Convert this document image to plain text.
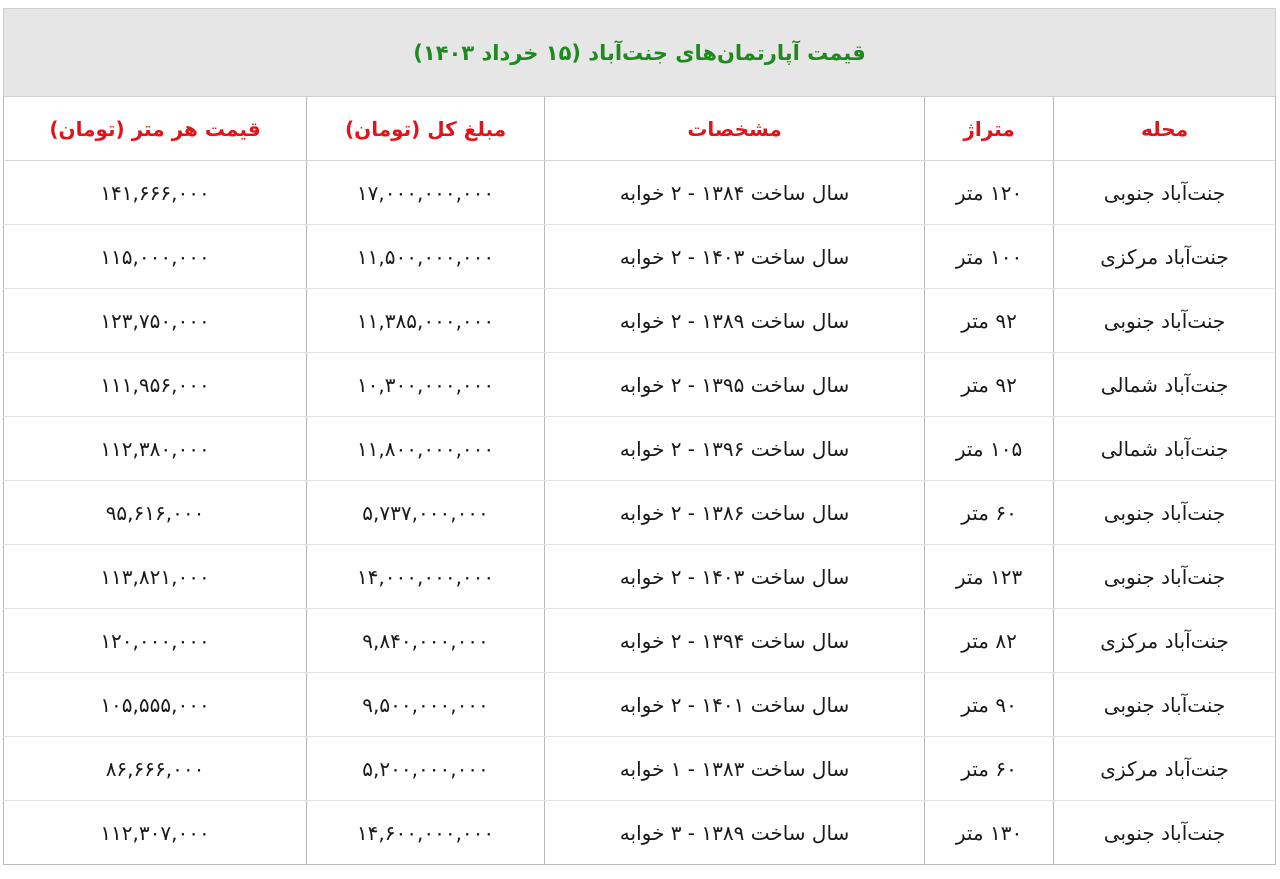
قیمت آپارتمان‌های جنت‌آباد (۱۵ خرداد ۱۴۰۳)				
محله	متراژ	مشخصات	مبلغ کل (تومان)	قیمت هر متر (تومان)
جنت‌آباد جنوبی	۱۲۰ متر	سال ساخت ۱۳۸۴ - ۲ خوابه	۱۷,۰۰۰,۰۰۰,۰۰۰	۱۴۱,۶۶۶,۰۰۰
جنت‌آباد مرکزی	۱۰۰ متر	سال ساخت ۱۴۰۳ - ۲ خوابه	۱۱,۵۰۰,۰۰۰,۰۰۰	۱۱۵,۰۰۰,۰۰۰
جنت‌آباد جنوبی	۹۲ متر	سال ساخت ۱۳۸۹ - ۲ خوابه	۱۱,۳۸۵,۰۰۰,۰۰۰	۱۲۳,۷۵۰,۰۰۰
جنت‌آباد شمالی	۹۲ متر	سال ساخت ۱۳۹۵ - ۲ خوابه	۱۰,۳۰۰,۰۰۰,۰۰۰	۱۱۱,۹۵۶,۰۰۰
جنت‌آباد شمالی	۱۰۵ متر	سال ساخت ۱۳۹۶ - ۲ خوابه	۱۱,۸۰۰,۰۰۰,۰۰۰	۱۱۲,۳۸۰,۰۰۰
جنت‌آباد جنوبی	۶۰ متر	سال ساخت ۱۳۸۶ - ۲ خوابه	۵,۷۳۷,۰۰۰,۰۰۰	۹۵,۶۱۶,۰۰۰
جنت‌آباد جنوبی	۱۲۳ متر	سال ساخت ۱۴۰۳ - ۲ خوابه	۱۴,۰۰۰,۰۰۰,۰۰۰	۱۱۳,۸۲۱,۰۰۰
جنت‌آباد مرکزی	۸۲ متر	سال ساخت ۱۳۹۴ - ۲ خوابه	۹,۸۴۰,۰۰۰,۰۰۰	۱۲۰,۰۰۰,۰۰۰
جنت‌آباد جنوبی	۹۰ متر	سال ساخت ۱۴۰۱ - ۲ خوابه	۹,۵۰۰,۰۰۰,۰۰۰	۱۰۵,۵۵۵,۰۰۰
جنت‌آباد مرکزی	۶۰ متر	سال ساخت ۱۳۸۳ - ۱ خوابه	۵,۲۰۰,۰۰۰,۰۰۰	۸۶,۶۶۶,۰۰۰
جنت‌آباد جنوبی	۱۳۰ متر	سال ساخت ۱۳۸۹ - ۳ خوابه	۱۴,۶۰۰,۰۰۰,۰۰۰	۱۱۲,۳۰۷,۰۰۰
